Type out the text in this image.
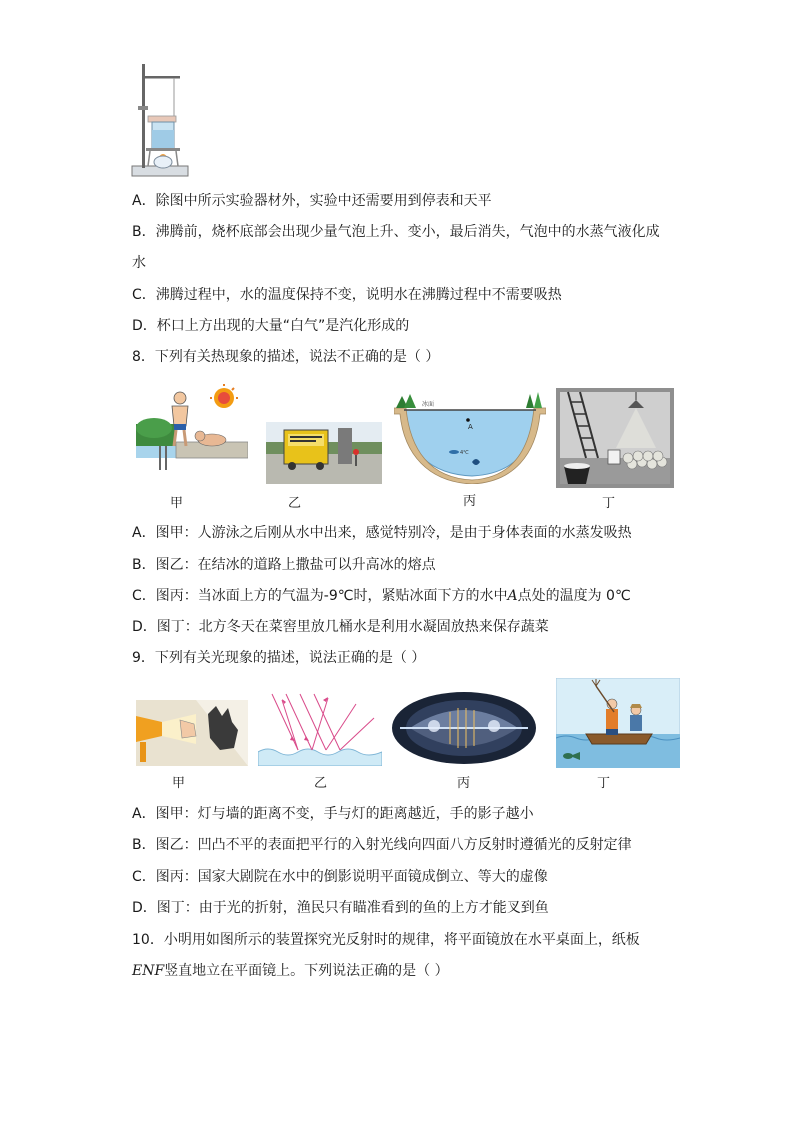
A．除图中所示实验器材外，实验中还需要用到停表和天平
B．沸腾前，烧杯底部会出现少量气泡上升、变小，最后消失，气泡中的水蒸气液化成
水
C．沸腾过程中，水的温度保持不变，说明水在沸腾过程中不需要吸热
D．杯口上方出现的大量“白气”是汽化形成的
8．下列有关热现象的描述，说法不正确的是（ ）
冰面
A
4℃
甲	乙	丙	丁
A．图甲：人游泳之后刚从水中出来，感觉特别冷，是由于身体表面的水蒸发吸热
B．图乙：在结冰的道路上撒盐可以升高冰的熔点
C．图丙：当冰面上方的气温为-9℃时，紧贴冰面下方的水中A点处的温度为 0℃
D．图丁：北方冬天在菜窖里放几桶水是利用水凝固放热来保存蔬菜
9．下列有关光现象的描述，说法正确的是（ ）
甲	乙	丙	丁
A．图甲：灯与墙的距离不变，手与灯的距离越近，手的影子越小
B．图乙：凹凸不平的表面把平行的入射光线向四面八方反射时遵循光的反射定律
C．图丙：国家大剧院在水中的倒影说明平面镜成倒立、等大的虚像
D．图丁：由于光的折射，渔民只有瞄准看到的鱼的上方才能叉到鱼
10．小明用如图所示的装置探究光反射时的规律，将平面镜放在水平桌面上，纸板
ENF竖直地立在平面镜上。下列说法正确的是（ ）
